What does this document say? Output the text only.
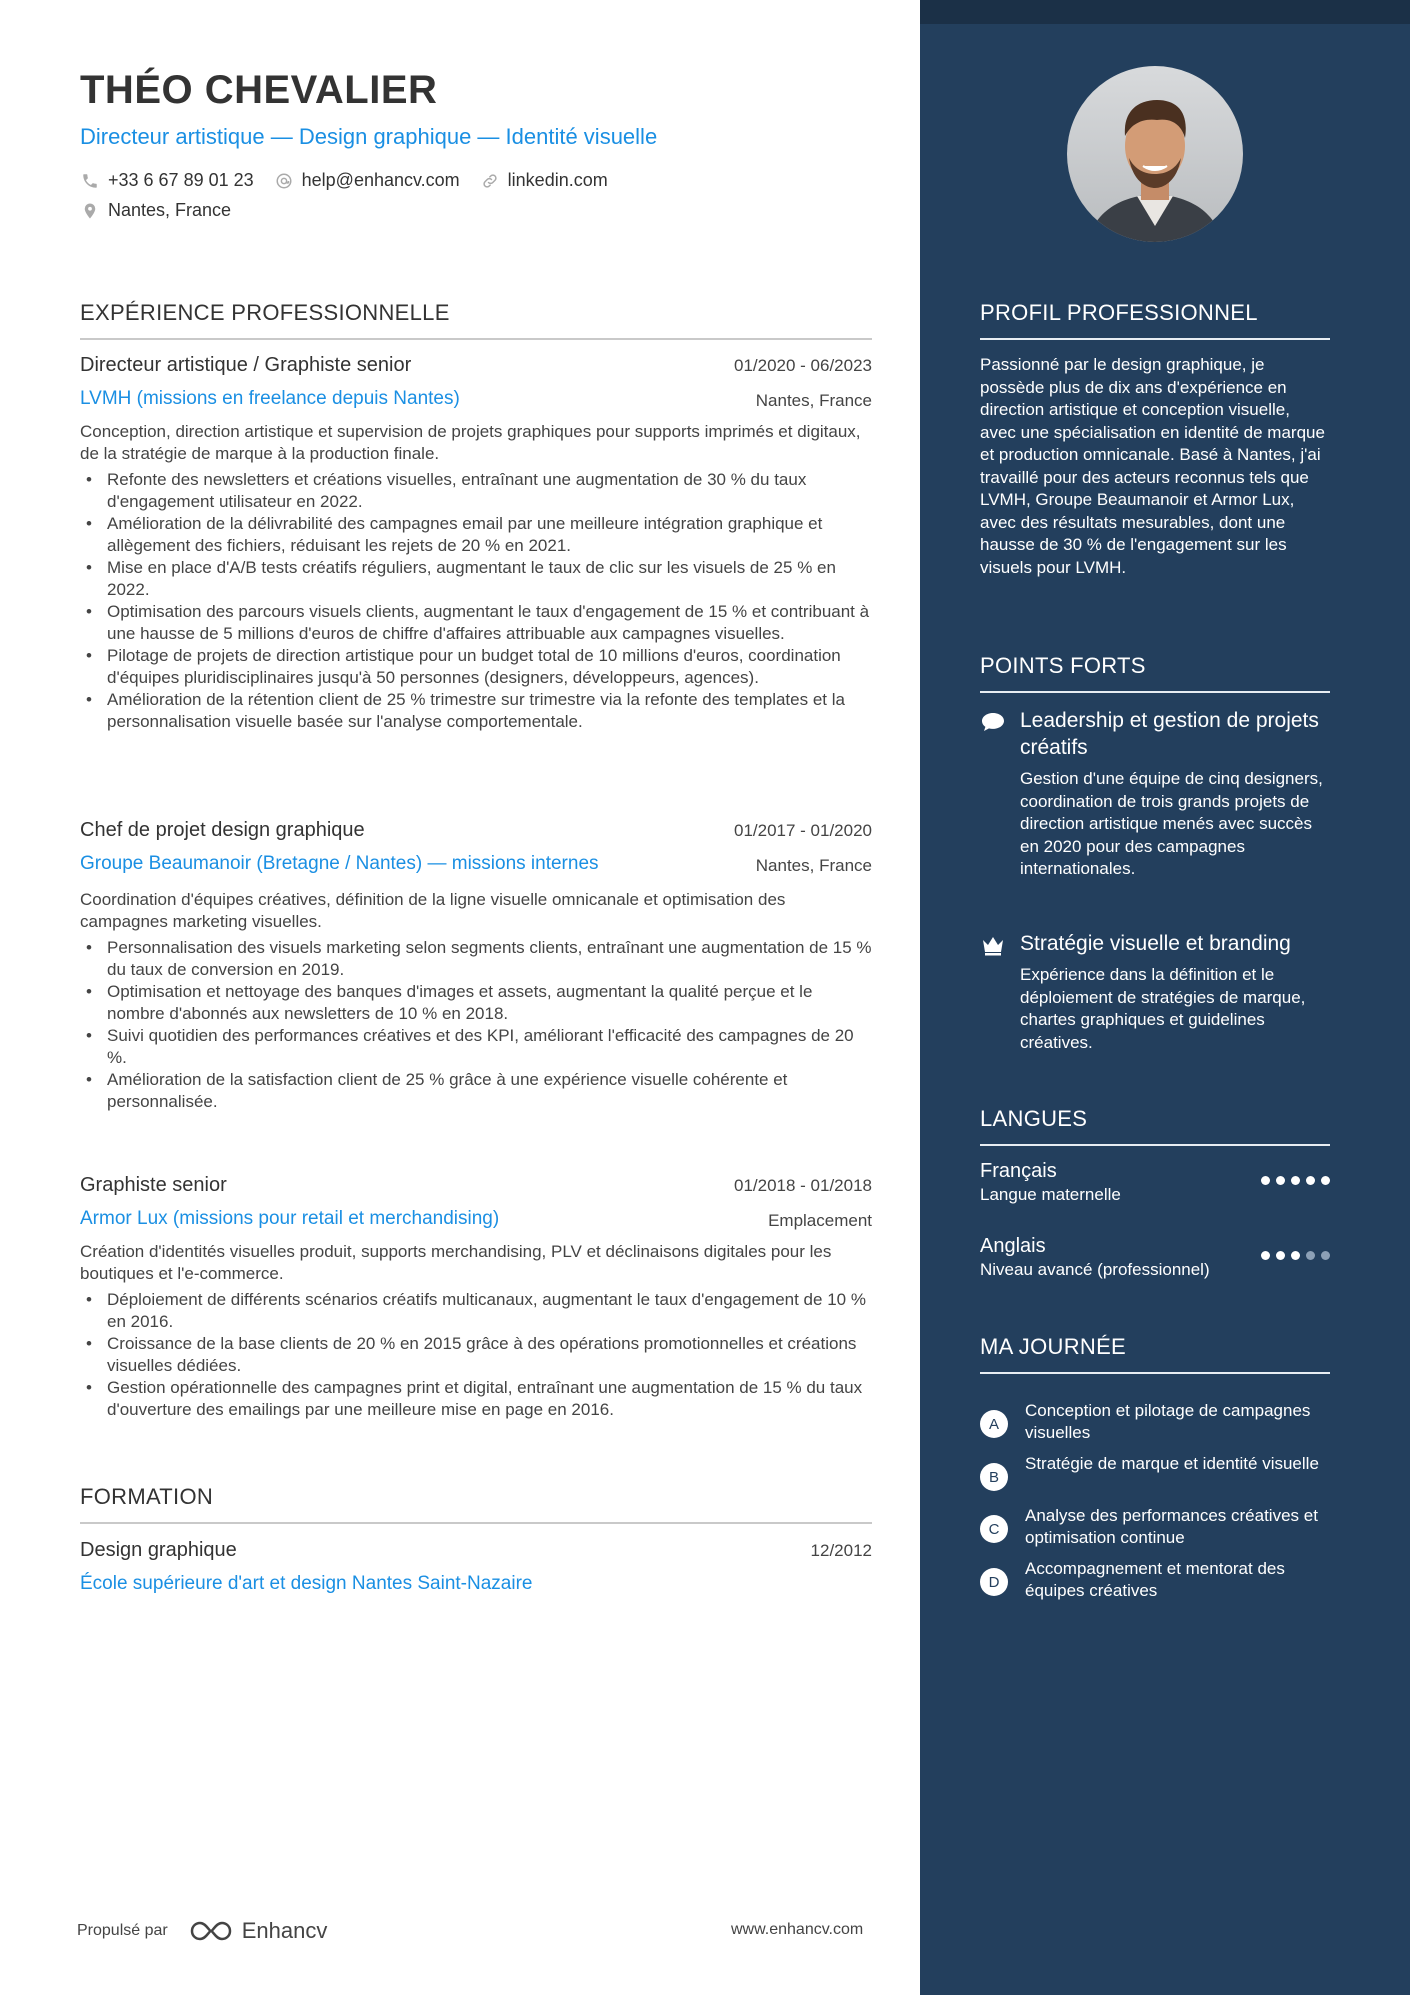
THÉO CHEVALIER
Directeur artistique — Design graphique — Identité visuelle
+33 6 67 89 01 23	help@enhancv.com	linkedin.com
Nantes, France
EXPÉRIENCE PROFESSIONNELLE
Directeur artistique / Graphiste senior	01/2020 - 06/2023
LVMH (missions en freelance depuis Nantes)	Nantes, France
Conception, direction artistique et supervision de projets graphiques pour supports imprimés et digitaux, de la stratégie de marque à la production finale.
• Refonte des newsletters et créations visuelles, entraînant une augmentation de 30 % du taux d'engagement utilisateur en 2022.
• Amélioration de la délivrabilité des campagnes email par une meilleure intégration graphique et allègement des fichiers, réduisant les rejets de 20 % en 2021.
• Mise en place d'A/B tests créatifs réguliers, augmentant le taux de clic sur les visuels de 25 % en 2022.
• Optimisation des parcours visuels clients, augmentant le taux d'engagement de 15 % et contribuant à une hausse de 5 millions d'euros de chiffre d'affaires attribuable aux campagnes visuelles.
• Pilotage de projets de direction artistique pour un budget total de 10 millions d'euros, coordination d'équipes pluridisciplinaires jusqu'à 50 personnes (designers, développeurs, agences).
• Amélioration de la rétention client de 25 % trimestre sur trimestre via la refonte des templates et la personnalisation visuelle basée sur l'analyse comportementale.
Chef de projet design graphique	01/2017 - 01/2020
Groupe Beaumanoir (Bretagne / Nantes) — missions internes	Nantes, France
Coordination d'équipes créatives, définition de la ligne visuelle omnicanale et optimisation des campagnes marketing visuelles.
• Personnalisation des visuels marketing selon segments clients, entraînant une augmentation de 15 % du taux de conversion en 2019.
• Optimisation et nettoyage des banques d'images et assets, augmentant la qualité perçue et le nombre d'abonnés aux newsletters de 10 % en 2018.
• Suivi quotidien des performances créatives et des KPI, améliorant l'efficacité des campagnes de 20 %.
• Amélioration de la satisfaction client de 25 % grâce à une expérience visuelle cohérente et personnalisée.
Graphiste senior	01/2018 - 01/2018
Armor Lux (missions pour retail et merchandising)	Emplacement
Création d'identités visuelles produit, supports merchandising, PLV et déclinaisons digitales pour les boutiques et l'e-commerce.
• Déploiement de différents scénarios créatifs multicanaux, augmentant le taux d'engagement de 10 % en 2016.
• Croissance de la base clients de 20 % en 2015 grâce à des opérations promotionnelles et créations visuelles dédiées.
• Gestion opérationnelle des campagnes print et digital, entraînant une augmentation de 15 % du taux d'ouverture des emailings par une meilleure mise en page en 2016.
FORMATION
Design graphique	12/2012
École supérieure d'art et design Nantes Saint-Nazaire
Propulsé par	Enhancv	www.enhancv.com
PROFIL PROFESSIONNEL
Passionné par le design graphique, je possède plus de dix ans d'expérience en direction artistique et conception visuelle, avec une spécialisation en identité de marque et production omnicanale. Basé à Nantes, j'ai travaillé pour des acteurs reconnus tels que LVMH, Groupe Beaumanoir et Armor Lux, avec des résultats mesurables, dont une hausse de 30 % de l'engagement sur les visuels pour LVMH.
POINTS FORTS
Leadership et gestion de projets créatifs
Gestion d'une équipe de cinq designers, coordination de trois grands projets de direction artistique menés avec succès en 2020 pour des campagnes internationales.
Stratégie visuelle et branding
Expérience dans la définition et le déploiement de stratégies de marque, chartes graphiques et guidelines créatives.
LANGUES
Français
Langue maternelle
Anglais
Niveau avancé (professionnel)
MA JOURNÉE
A
Conception et pilotage de campagnes visuelles
B
Stratégie de marque et identité visuelle
C
Analyse des performances créatives et optimisation continue
D
Accompagnement et mentorat des équipes créatives
